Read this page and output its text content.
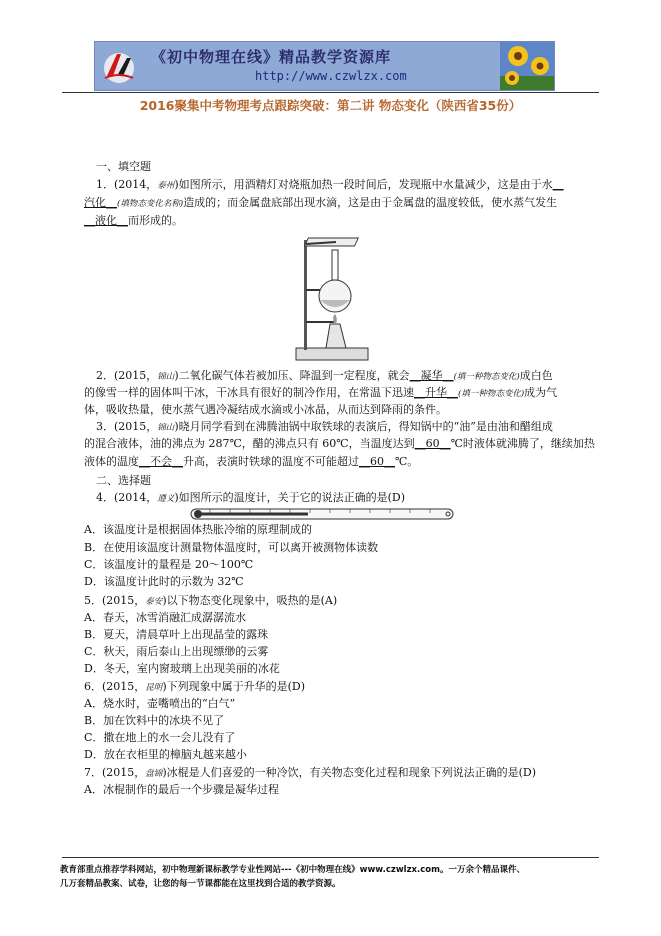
《初中物理在线》精品教学资源库
http://www.czwlzx.com
2016聚集中考物理考点跟踪突破：第二讲 物态变化（陕西省35份）
一、填空题
1．(2014，泰州)如图所示，用酒精灯对烧瓶加热一段时间后，发现瓶中水量减少，这是由于水__
汽化__(填物态变化名称)造成的；而金属盘底部出现水滴，这是由于金属盘的温度较低，使水蒸气发生
__液化__而形成的。
2．(2015，锦山)二氧化碳气体若被加压、降温到一定程度，就会__凝华__(填一种物态变化)成白色
的像雪一样的固体叫干冰，干冰具有很好的制冷作用，在常温下迅速__升华__(填一种物态变化)成为气
体，吸收热量，使水蒸气遇冷凝结成水滴或小冰晶，从而达到降雨的条件。
3．(2015，锦山)晓月同学看到在沸腾油锅中取铁球的表演后，得知锅中的“油”是由油和醋组成
的混合液体，油的沸点为 287℃，醋的沸点只有 60℃，当温度达到__60__℃时液体就沸腾了，继续加热
液体的温度__不会__升高，表演时铁球的温度不可能超过__60__℃。
二、选择题
4．(2014，遵义)如图所示的温度计，关于它的说法正确的是(D)
A．该温度计是根据固体热胀冷缩的原理制成的
B．在使用该温度计测量物体温度时，可以离开被测物体读数
C．该温度计的量程是 20～100℃
D．该温度计此时的示数为 32℃
5．(2015，泰安)以下物态变化现象中，吸热的是(A)
A．春天，冰雪消融汇成潺潺流水
B．夏天，清晨草叶上出现晶莹的露珠
C．秋天，雨后泰山上出现缥缈的云雾
D．冬天，室内窗玻璃上出现美丽的冰花
6．(2015，昆明)下列现象中属于升华的是(D)
A．烧水时，壶嘴喷出的“白气”
B．加在饮料中的冰块不见了
C．撒在地上的水一会儿没有了
D．放在衣柜里的樟脑丸越来越小
7．(2015，盘锦)冰棍是人们喜爱的一种冷饮，有关物态变化过程和现象下列说法正确的是(D)
A．冰棍制作的最后一个步骤是凝华过程
教育部重点推荐学科网站，初中物理新课标教学专业性网站---《初中物理在线》www.czwlzx.com。一万余个精品课件、
几万套精品教案、试卷，让您的每一节课都能在这里找到合适的教学资源。
